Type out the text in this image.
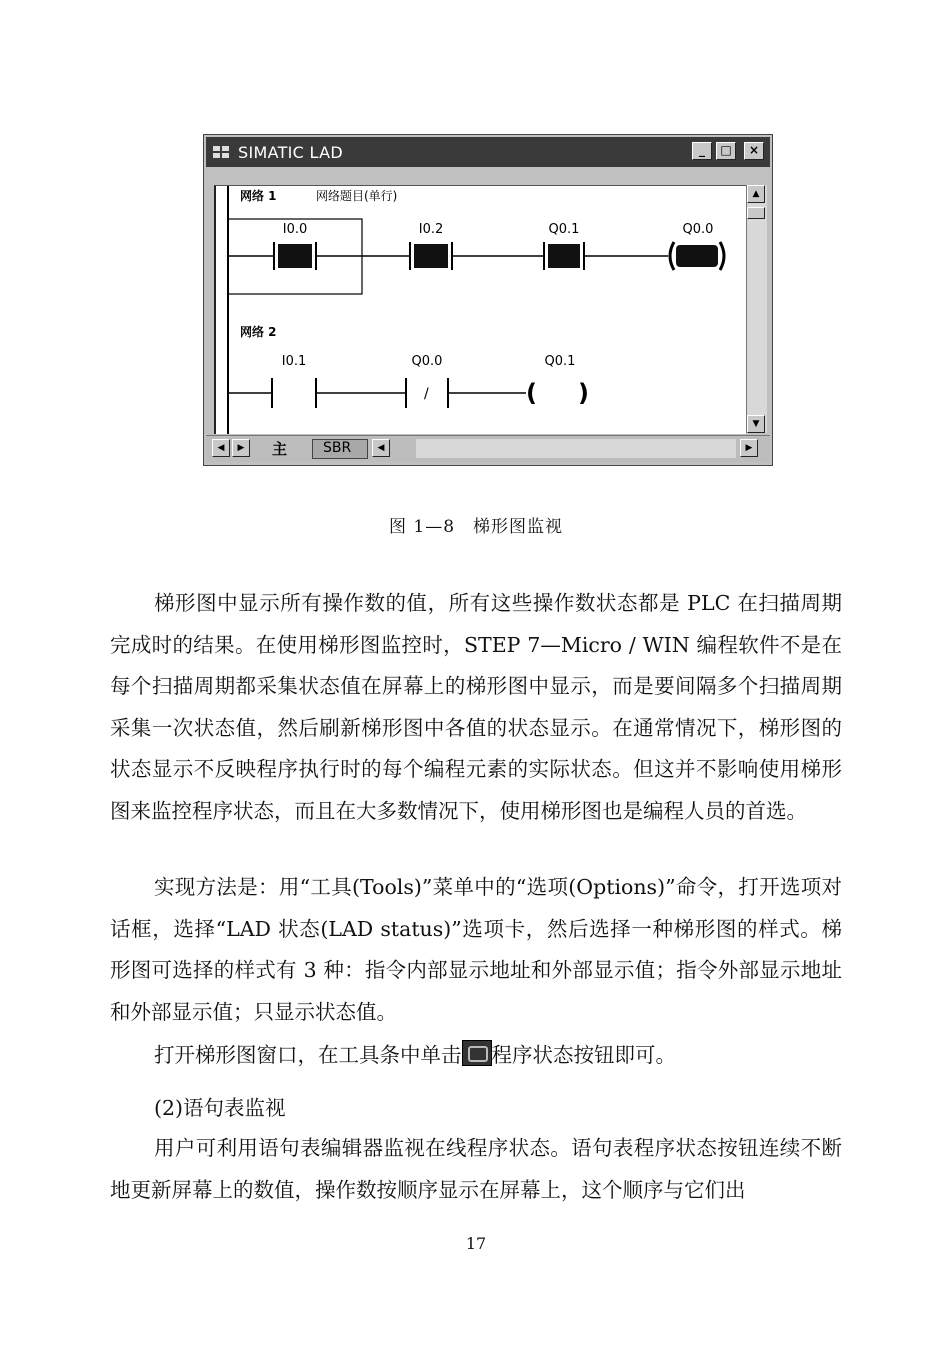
SIMATIC LAD	_	□	×
网络 1	网络题目(单行)
I0.0	I0.2	Q0.1	Q0.0
网络 2
I0.1	Q0.0
/
Q0.1
( )
▲
▼
◀	▶	主	SBR	◀	▶
图 1—8　梯形图监视

梯形图中显示所有操作数的值，所有这些操作数状态都是 PLC 在扫描周期完成时的结果。在使用梯形图监控时，STEP 7—Micro / WIN 编程软件不是在每个扫描周期都采集状态值在屏幕上的梯形图中显示，而是要间隔多个扫描周期采集一次状态值，然后刷新梯形图中各值的状态显示。在通常情况下，梯形图的状态显示不反映程序执行时的每个编程元素的实际状态。但这并不影响使用梯形图来监控程序状态，而且在大多数情况下，使用梯形图也是编程人员的首选。

实现方法是：用“工具(Tools)”菜单中的“选项(Options)”命令，打开选项对话框，选择“LAD 状态(LAD status)”选项卡，然后选择一种梯形图的样式。梯形图可选择的样式有 3 种：指令内部显示地址和外部显示值；指令外部显示地址和外部显示值；只显示状态值。

打开梯形图窗口，在工具条中单击 程序状态按钮即可。

(2)语句表监视

用户可利用语句表编辑器监视在线程序状态。语句表程序状态按钮连续不断地更新屏幕上的数值，操作数按顺序显示在屏幕上，这个顺序与它们出

17
